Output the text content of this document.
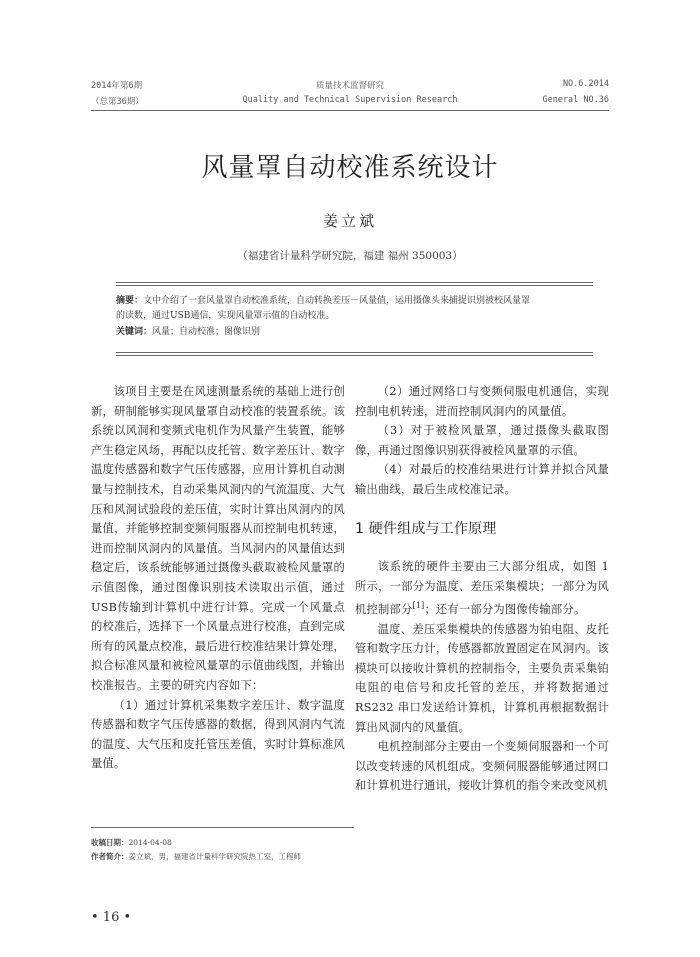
2014年第6期
（总第36期）
质量技术监督研究
Quality and Technical Supervision Research
NO.6.2014
General NO.36
风量罩自动校准系统设计
姜立斌
（福建省计量科学研究院，福建 福州 350003）
摘要：文中介绍了一套风量罩自动校准系统，自动转换差压－风量值，运用摄像头来捕捉识别被校风量罩
的读数，通过USB通信，实现风量罩示值的自动校准。
关键词：风量；自动校准；图像识别

该项目主要是在风速测量系统的基础上进行创新，研制能够实现风量罩自动校准的装置系统。该系统以风洞和变频式电机作为风量产生装置，能够产生稳定风场，再配以皮托管、数字差压计、数字温度传感器和数字气压传感器，应用计算机自动测量与控制技术，自动采集风洞内的气流温度、大气压和风洞试验段的差压值，实时计算出风洞内的风量值，并能够控制变频伺服器从而控制电机转速，进而控制风洞内的风量值。当风洞内的风量值达到稳定后，该系统能够通过摄像头截取被检风量罩的示值图像，通过图像识别技术读取出示值，通过USB传输到计算机中进行计算。完成一个风量点的校准后，选择下一个风量点进行校准，直到完成所有的风量点校准，最后进行校准结果计算处理，拟合标准风量和被检风量罩的示值曲线图，并输出校准报告。主要的研究内容如下：

（1）通过计算机采集数字差压计、数字温度传感器和数字气压传感器的数据，得到风洞内气流的温度、大气压和皮托管压差值，实时计算标准风量值。

（2）通过网络口与变频伺服电机通信，实现控制电机转速，进而控制风洞内的风量值。

（3）对于被检风量罩，通过摄像头截取图像，再通过图像识别获得被检风量罩的示值。

（4）对最后的校准结果进行计算并拟合风量输出曲线，最后生成校准记录。

1 硬件组成与工作原理

该系统的硬件主要由三大部分组成，如图 1 所示，一部分为温度、差压采集模块；一部分为风机控制部分[1]；还有一部分为图像传输部分。

温度、差压采集模块的传感器为铂电阻、皮托管和数字压力计，传感器都放置固定在风洞内。该模块可以接收计算机的控制指令，主要负责采集铂电阻的电信号和皮托管的差压，并将数据通过 RS232 串口发送给计算机，计算机再根据数据计算出风洞内的风量值。

电机控制部分主要由一个变频伺服器和一个可以改变转速的风机组成。变频伺服器能够通过网口和计算机进行通讯，接收计算机的指令来改变风机

收稿日期：2014-04-08
作者简介：姜立斌，男，福建省计量科学研究院热工室，工程师
• 16 •
